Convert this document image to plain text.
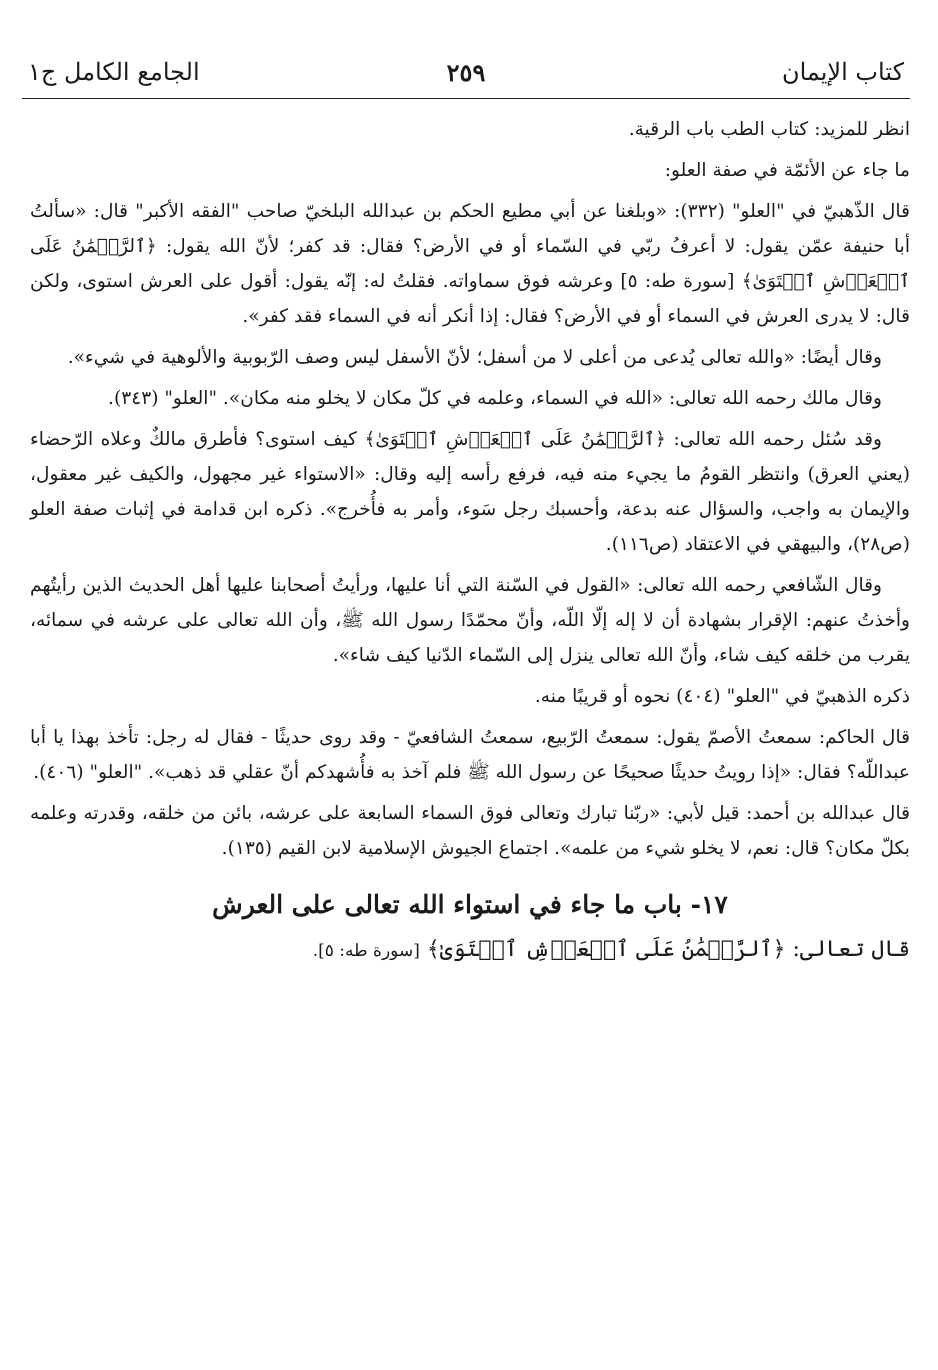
كتاب الإيمان
٢٥٩
الجامع الكامل ج١

انظر للمزيد: كتاب الطب باب الرقية.

ما جاء عن الأئمّة في صفة العلو:

قال الذّهبيّ في "العلو" (٣٣٢): «وبلغنا عن أبي مطيع الحكم بن عبدالله البلخيّ صاحب "الفقه الأكبر" قال: «سألتُ أبا حنيفة عمّن يقول: لا أعرفُ ربّي في السّماء أو في الأرض؟ فقال: قد كفر؛ لأنّ الله يقول: ﴿ٱلرَّحۡمَٰنُ عَلَى ٱلۡعَرۡشِ ٱسۡتَوَىٰ﴾ [سورة طه: ٥] وعرشه فوق سماواته. فقلتُ له: إنّه يقول: أقول على العرش استوى، ولكن قال: لا يدرى العرش في السماء أو في الأرض؟ فقال: إذا أنكر أنه في السماء فقد كفر».

وقال أيضًا: «والله تعالى يُدعى من أعلى لا من أسفل؛ لأنّ الأسفل ليس وصف الرّبوبية والألوهية في شيء».

وقال مالك رحمه الله تعالى: «الله في السماء، وعلمه في كلّ مكان لا يخلو منه مكان». "العلو" (٣٤٣).

وقد سُئل رحمه الله تعالى: ﴿ٱلرَّحۡمَٰنُ عَلَى ٱلۡعَرۡشِ ٱسۡتَوَىٰ﴾ كيف استوى؟ فأطرق مالكٌ وعلاه الرّحضاء (يعني العرق) وانتظر القومُ ما يجيء منه فيه، فرفع رأسه إليه وقال: «الاستواء غير مجهول، والكيف غير معقول، والإيمان به واجب، والسؤال عنه بدعة، وأحسبك رجل سَوء، وأمر به فأُخرج». ذكره ابن قدامة في إثبات صفة العلو (ص٢٨)، والبيهقي في الاعتقاد (ص١١٦).

وقال الشّافعي رحمه الله تعالى: «القول في السّنة التي أنا عليها، ورأيتُ أصحابنا عليها أهل الحديث الذين رأيتُهم وأخذتُ عنهم: الإقرار بشهادة أن لا إله إلّا اللّه، وأنّ محمّدًا رسول الله ﷺ، وأن الله تعالى على عرشه في سمائه، يقرب من خلقه كيف شاء، وأنّ الله تعالى ينزل إلى السّماء الدّنيا كيف شاء».

ذكره الذهبيّ في "العلو" (٤٠٤) نحوه أو قريبًا منه.

قال الحاكم: سمعتُ الأصمّ يقول: سمعتُ الرّبيع، سمعتُ الشافعيّ - وقد روى حديثًا - فقال له رجل: تأخذ بهذا يا أبا عبداللّه؟ فقال: «إذا رويتُ حديثًا صحيحًا عن رسول الله ﷺ فلم آخذ به فأُشهدكم أنّ عقلي قد ذهب». "العلو" (٤٠٦).

قال عبدالله بن أحمد: قيل لأبي: «ربّنا تبارك وتعالى فوق السماء السابعة على عرشه، بائن من خلقه، وقدرته وعلمه بكلّ مكان؟ قال: نعم، لا يخلو شيء من علمه». اجتماع الجيوش الإسلامية لابن القيم (١٣٥).

١٧- باب ما جاء في استواء الله تعالى على العرش

قال تعالى: ﴿ٱلرَّحۡمَٰنُ عَلَى ٱلۡعَرۡشِ ٱسۡتَوَىٰ﴾ [سورة طه: ٥].
